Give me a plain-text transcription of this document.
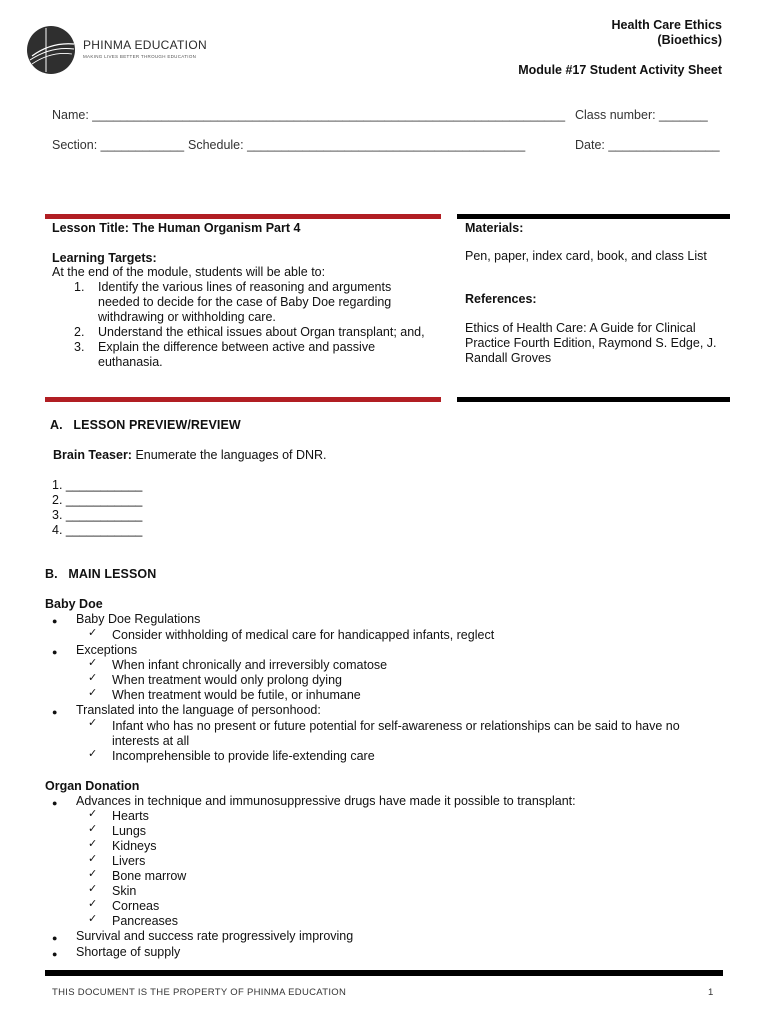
PHINMA EDUCATION
MAKING LIVES BETTER THROUGH EDUCATION
Health Care Ethics
(Bioethics)
Module #17 Student Activity Sheet
Name: ____________________________________________________________________ Class number: _______
Section: ____________ Schedule: ________________________________________	Date: ________________
Lesson Title: The Human Organism Part 4
Learning Targets:
At the end of the module, students will be able to:
1. Identify the various lines of reasoning and arguments
needed to decide for the case of Baby Doe regarding
withdrawing or withholding care.
2. Understand the ethical issues about Organ transplant; and,
3. Explain the difference between active and passive
euthanasia.
Materials:
Pen, paper, index card, book, and class List
References:
Ethics of Health Care: A Guide for Clinical
Practice Fourth Edition, Raymond S. Edge, J.
Randall Groves
A.   LESSON PREVIEW/REVIEW
Brain Teaser: Enumerate the languages of DNR.
1. ___________
2. ___________
3. ___________
4. ___________
B.   MAIN LESSON
Baby Doe
● Baby Doe Regulations
✓ Consider withholding of medical care for handicapped infants, reglect
● Exceptions
✓ When infant chronically and irreversibly comatose
✓ When treatment would only prolong dying
✓ When treatment would be futile, or inhumane
● Translated into the language of personhood:
✓ Infant who has no present or future potential for self-awareness or relationships can be said to have no
interests at all
✓ Incomprehensible to provide life-extending care
Organ Donation
● Advances in technique and immunosuppressive drugs have made it possible to transplant:
✓ Hearts
✓ Lungs
✓ Kidneys
✓ Livers
✓ Bone marrow
✓ Skin
✓ Corneas
✓ Pancreases
● Survival and success rate progressively improving
● Shortage of supply
THIS DOCUMENT IS THE PROPERTY OF PHINMA EDUCATION	1
